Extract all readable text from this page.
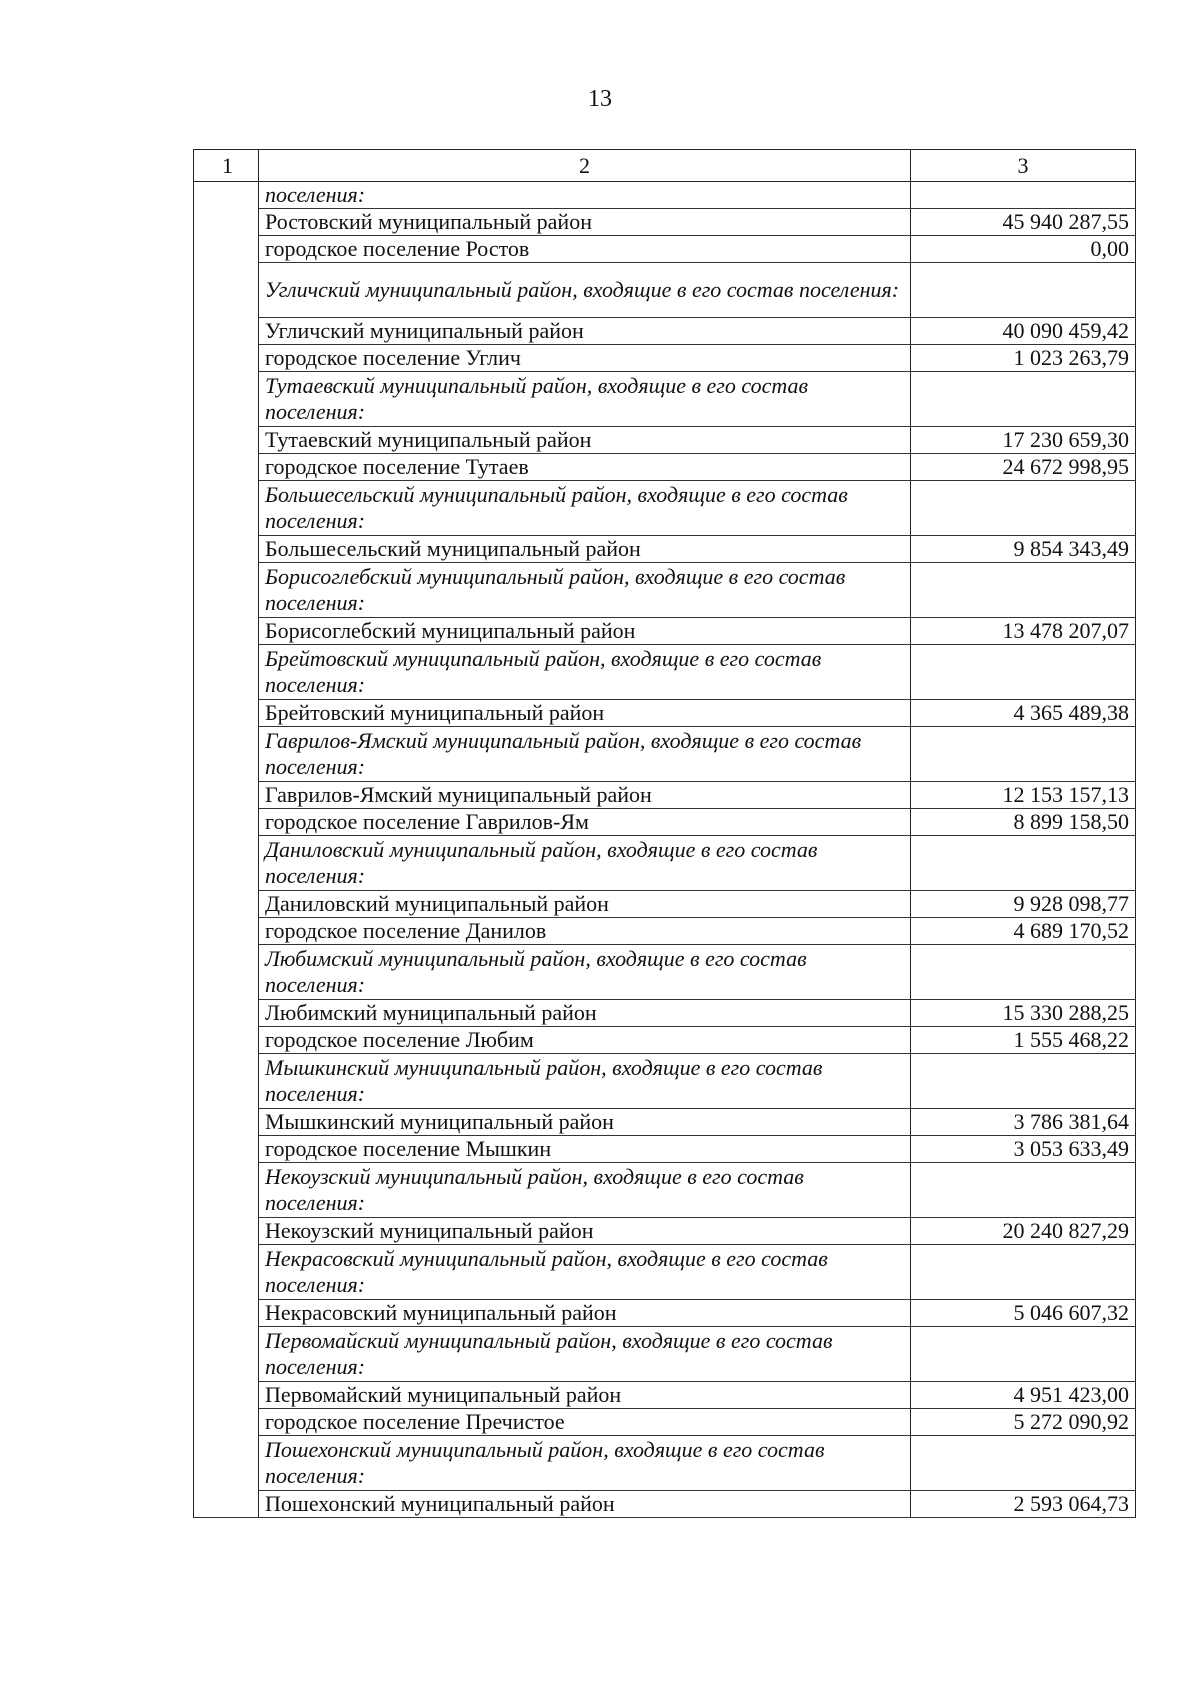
13
1	2	3
	поселения:	
	Ростовский муниципальный район	45 940 287,55
	городское поселение Ростов	0,00
	Угличский муниципальный район, входящие в его состав поселения:	
	Угличский муниципальный район	40 090 459,42
	городское поселение Углич	1 023 263,79
	Тутаевский муниципальный район, входящие в его состав поселения:	
	Тутаевский муниципальный район	17 230 659,30
	городское поселение Тутаев	24 672 998,95
	Большесельский муниципальный район, входящие в его состав поселения:	
	Большесельский муниципальный район	9 854 343,49
	Борисоглебский муниципальный район, входящие в его состав поселения:	
	Борисоглебский муниципальный район	13 478 207,07
	Брейтовский муниципальный район, входящие в его состав поселения:	
	Брейтовский муниципальный район	4 365 489,38
	Гаврилов-Ямский муниципальный район, входящие в его состав поселения:	
	Гаврилов-Ямский муниципальный район	12 153 157,13
	городское поселение Гаврилов-Ям	8 899 158,50
	Даниловский муниципальный район, входящие в его состав поселения:	
	Даниловский муниципальный район	9 928 098,77
	городское поселение Данилов	4 689 170,52
	Любимский муниципальный район, входящие в его состав поселения:	
	Любимский муниципальный район	15 330 288,25
	городское поселение Любим	1 555 468,22
	Мышкинский муниципальный район, входящие в его состав поселения:	
	Мышкинский муниципальный район	3 786 381,64
	городское поселение Мышкин	3 053 633,49
	Некоузский муниципальный район, входящие в его состав поселения:	
	Некоузский муниципальный район	20 240 827,29
	Некрасовский муниципальный район, входящие в его состав поселения:	
	Некрасовский муниципальный район	5 046 607,32
	Первомайский муниципальный район, входящие в его состав поселения:	
	Первомайский муниципальный район	4 951 423,00
	городское поселение Пречистое	5 272 090,92
	Пошехонский муниципальный район, входящие в его состав поселения:	
	Пошехонский муниципальный район	2 593 064,73
